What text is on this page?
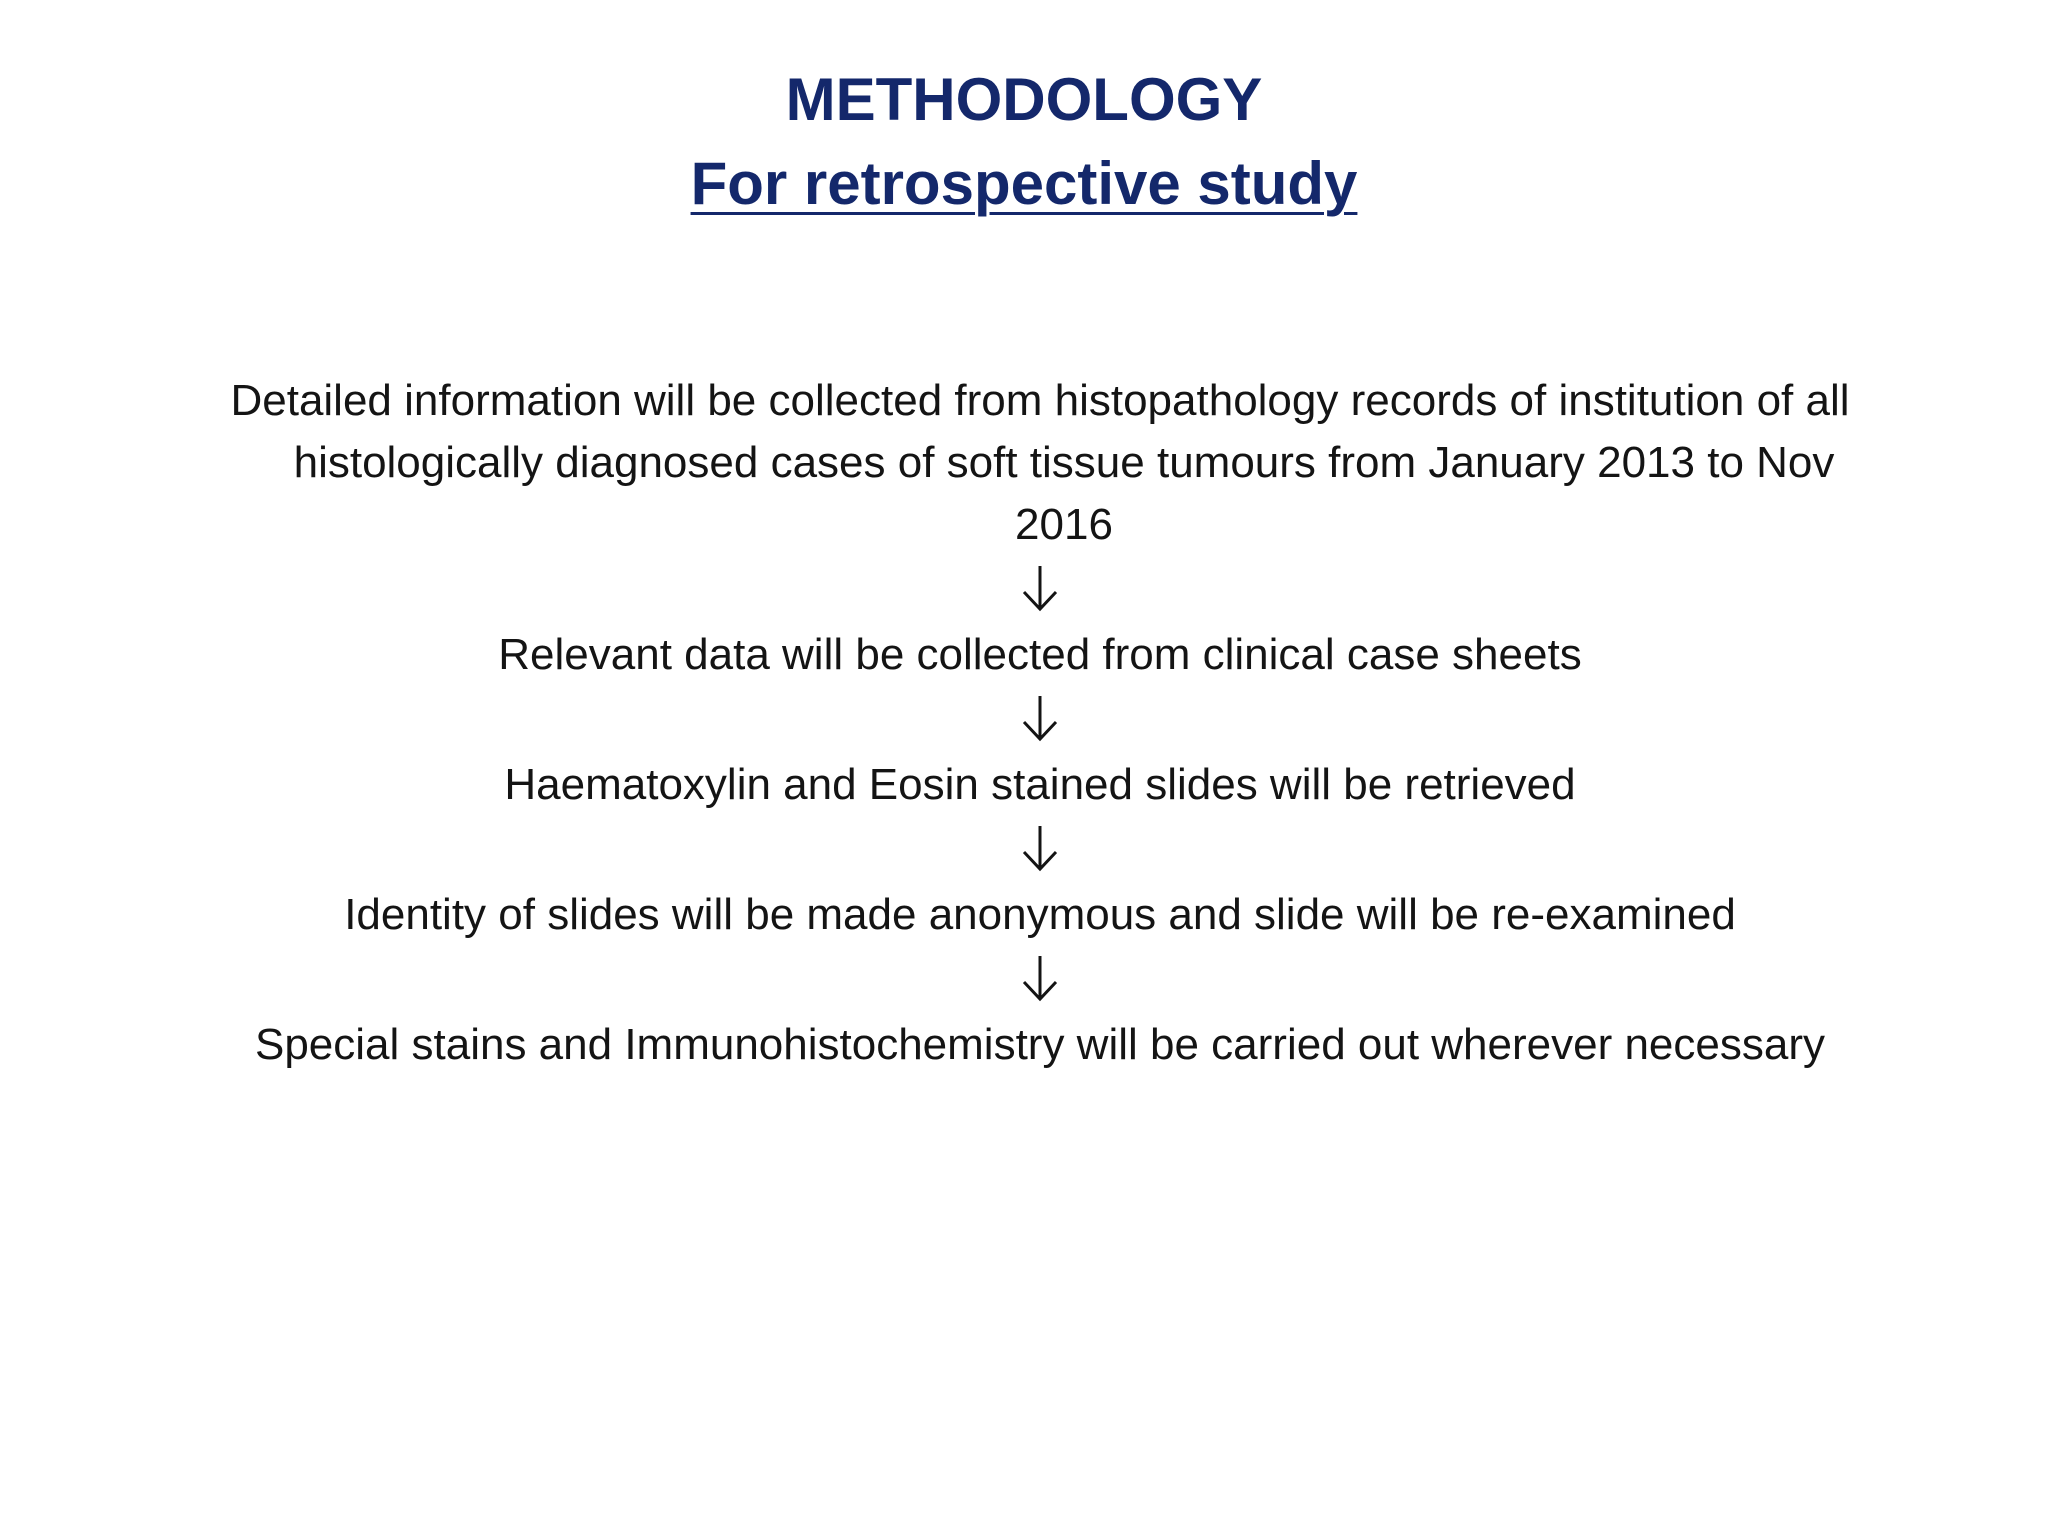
METHODOLOGY
For retrospective study

Detailed information will be collected from histopathology records of institution of all histologically diagnosed cases of soft tissue tumours from January 2013 to Nov 2016

Relevant data will be collected from clinical case sheets

Haematoxylin and Eosin stained slides will be retrieved

Identity of slides will be made anonymous and slide will be re-examined

Special stains and Immunohistochemistry will be carried out wherever necessary
